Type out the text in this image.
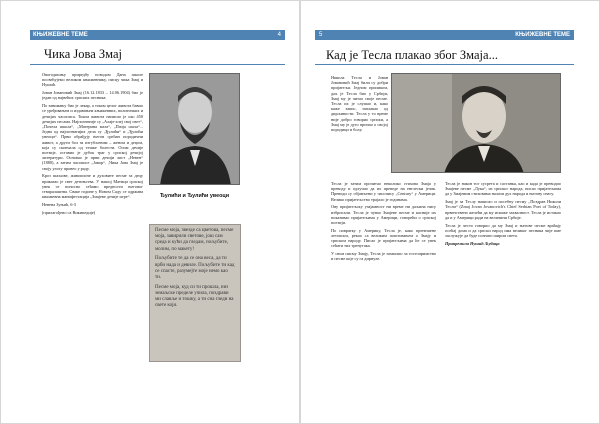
КЊИЖЕВНЕ ТЕМЕ	4
Чика Јова Змај

Овогодишњу приредбу поводом Дана школе посвећујемо великом књижевнику, писцу чика Змај и Нушић.

Јован Јовановић Змај (16.12.1833 – 14.06.1904) био је један од највећих српских песника.

По занимању био је лекар, а током целог живота бавио се уређивањем и издавањем књижевних, политичких и дечијих часописа. Током живота написао је око 450 дечијих песама. Најпознатије су „Алаје-алеј свој свет“, „Почела школа“, „Материна маза“, „Пачја шала“... Једна од најпознатијих дела су „Ђулићи“ и „Ђулићи увеоци“. Први обрађују његов срећан породични живот, а други бол за изгубљеним – женом и децом, која су скончала од тешке болести. Осим дечије поезије, оставио је дубок траг у српској дечијој литератури. Основао је први дечији лист „Невен“ (1880), а затим часописе „Јавор“, „Чика Јова Змај је своју улогу провео у раду.

Кроз шаљиве, живописне и духовите песме за децу приказао је свет детињства. У нашој Матици српској увек се поносно сећамо вредности његовог стваралаштва. Сваке године у Новом Саду се одржава књижевна манифестација „Змајеве дечије игре“.

Невена Зуњић, 6-3

(прилагођено са Википедије)

Ђулићи и Ђулићи увеоци

Песме моја, звезде са цветова, песме моја, завирили светове, још сам среда и кући да гледам, пољубите, молим, по макету!

Пољубите те да се она веса, да ти врби нада и девиле. Пољубите ти кад се спасте, разумејте моје немо као ти.

Песме моја, куд си ти прошла, низ земаљске пределе учила, поздрави ми славље и тошку, а ти сна гледи на свете који.

5	КЊИЖЕВНЕ ТЕМЕ
Кад је Тесла плакао због Змаја...

Никола Тесла и Јован Јовановић Змај били су добри пријатељи. Једном приликом, док је Тесла био у Србији, Змај му је читао своје песме. Тесла их је слушао и, како каже запис, заплакао од дирљивости. Тесла у то време није добро говорио српски, а Змај му је дуго причао о својој породици и болу.

Тесла је затим прочитао неколико стихова Змаја у преводу и одлучио да их преведе на енглески језик. Преводи су објављени у часопису „Century“ у Америци. Велико пријатељство трајало је годинама.

Ову пријатељску узајамност ни време ни даљина нису избрисали. Тесла је чувао Змајеве песме и касније их показивао пријатељима у Америци, говорећи о српској поезији.

По повратку у Америку, Тесла је, како пренешене летописи, рекао са великим поштовањем о Змају и српском народу. Писао је пријатељима да ће се увек сећати тих тренутака.

У свом писму Змају, Тесла је захвалио за гостопримство и песме које су га дирнуле.

Тесла је након тог сусрета и састанка, као и када је преводио Змајеве песме „Лука“, из српског народа, писао пријатељима да у Змајевим стиховима налази дух народа и његову снагу.

Змај је за Теслу написао и посебну песму „Поздрав Николи Тесли“ (Zmaj Jovan Jovanovich's Chief Serbian Poet of Today), првенствено желећи да му искаже захвалност. Тесла је истакао да и у Америци ради на величини Србије.

Тесла је често говорио да му Змај и његове песме враћају осећај дома и да српски народ има великог песника чије име заслужује да буде познато широм света.

Припремила Нушић Љубица
